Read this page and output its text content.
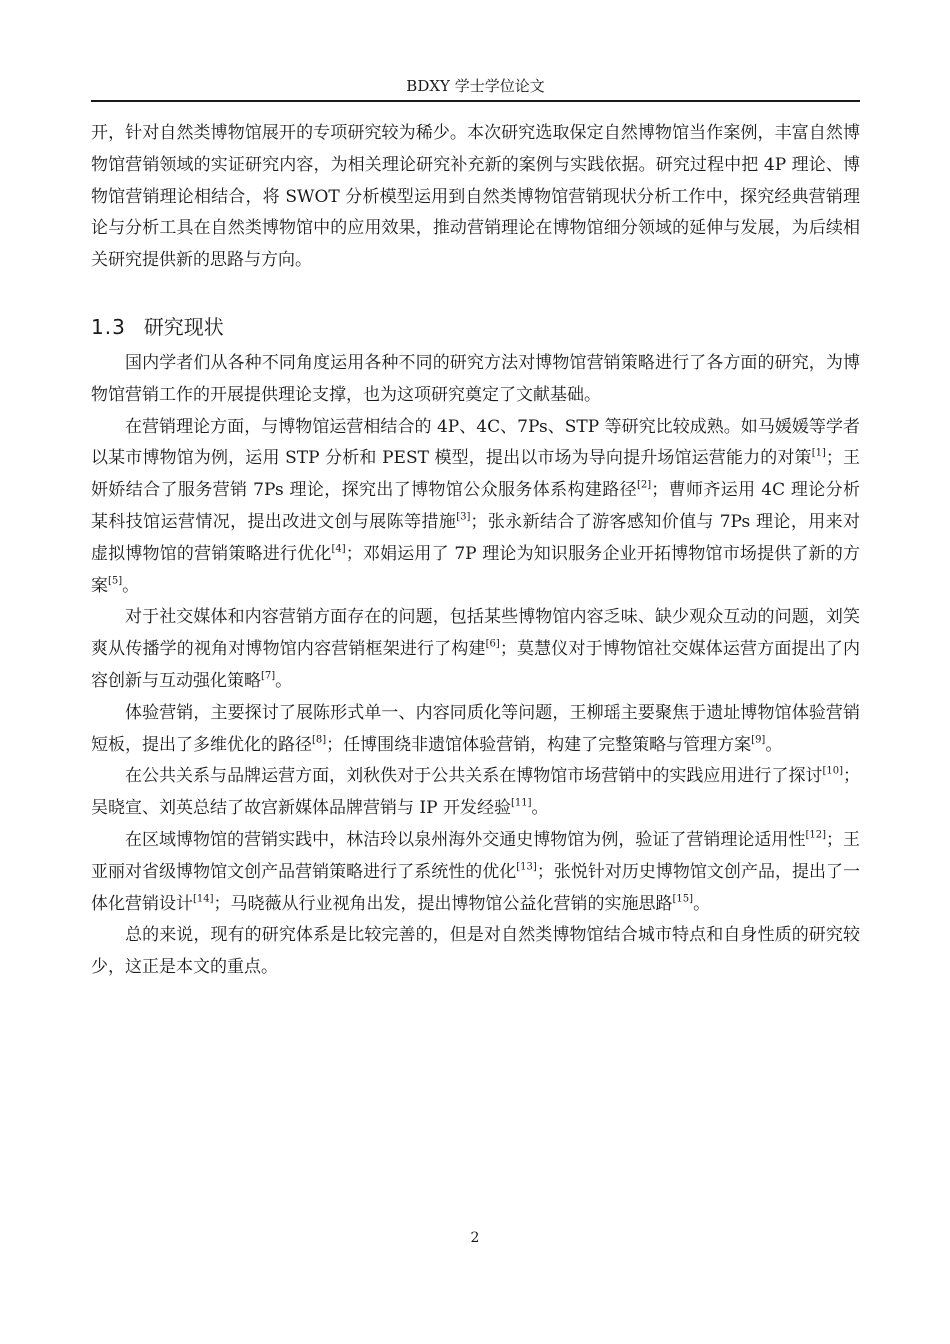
BDXY 学士学位论文

开，针对自然类博物馆展开的专项研究较为稀少。本次研究选取保定自然博物馆当作案例，丰富自然博物馆营销领域的实证研究内容，为相关理论研究补充新的案例与实践依据。研究过程中把 4P 理论、博物馆营销理论相结合，将 SWOT 分析模型运用到自然类博物馆营销现状分析工作中，探究经典营销理论与分析工具在自然类博物馆中的应用效果，推动营销理论在博物馆细分领域的延伸与发展，为后续相关研究提供新的思路与方向。

1.3 研究现状

国内学者们从各种不同角度运用各种不同的研究方法对博物馆营销策略进行了各方面的研究，为博物馆营销工作的开展提供理论支撑，也为这项研究奠定了文献基础。

在营销理论方面，与博物馆运营相结合的 4P、4C、7Ps、STP 等研究比较成熟。如马媛媛等学者以某市博物馆为例，运用 STP 分析和 PEST 模型，提出以市场为导向提升场馆运营能力的对策[1]；王妍娇结合了服务营销 7Ps 理论，探究出了博物馆公众服务体系构建路径[2]；曹师齐运用 4C 理论分析某科技馆运营情况，提出改进文创与展陈等措施[3]；张永新结合了游客感知价值与 7Ps 理论，用来对虚拟博物馆的营销策略进行优化[4]；邓娟运用了 7P 理论为知识服务企业开拓博物馆市场提供了新的方案[5]。

对于社交媒体和内容营销方面存在的问题，包括某些博物馆内容乏味、缺少观众互动的问题，刘笑爽从传播学的视角对博物馆内容营销框架进行了构建[6]；莫慧仪对于博物馆社交媒体运营方面提出了内容创新与互动强化策略[7]。

体验营销，主要探讨了展陈形式单一、内容同质化等问题，王柳瑶主要聚焦于遗址博物馆体验营销短板，提出了多维优化的路径[8]；任博围绕非遗馆体验营销，构建了完整策略与管理方案[9]。

在公共关系与品牌运营方面，刘秋佚对于公共关系在博物馆市场营销中的实践应用进行了探讨[10]；吴晓宣、刘英总结了故宫新媒体品牌营销与 IP 开发经验[11]。

在区域博物馆的营销实践中，林洁玲以泉州海外交通史博物馆为例，验证了营销理论适用性[12]；王亚丽对省级博物馆文创产品营销策略进行了系统性的优化[13]；张悦针对历史博物馆文创产品，提出了一体化营销设计[14]；马晓薇从行业视角出发，提出博物馆公益化营销的实施思路[15]。

总的来说，现有的研究体系是比较完善的，但是对自然类博物馆结合城市特点和自身性质的研究较少，这正是本文的重点。

2
